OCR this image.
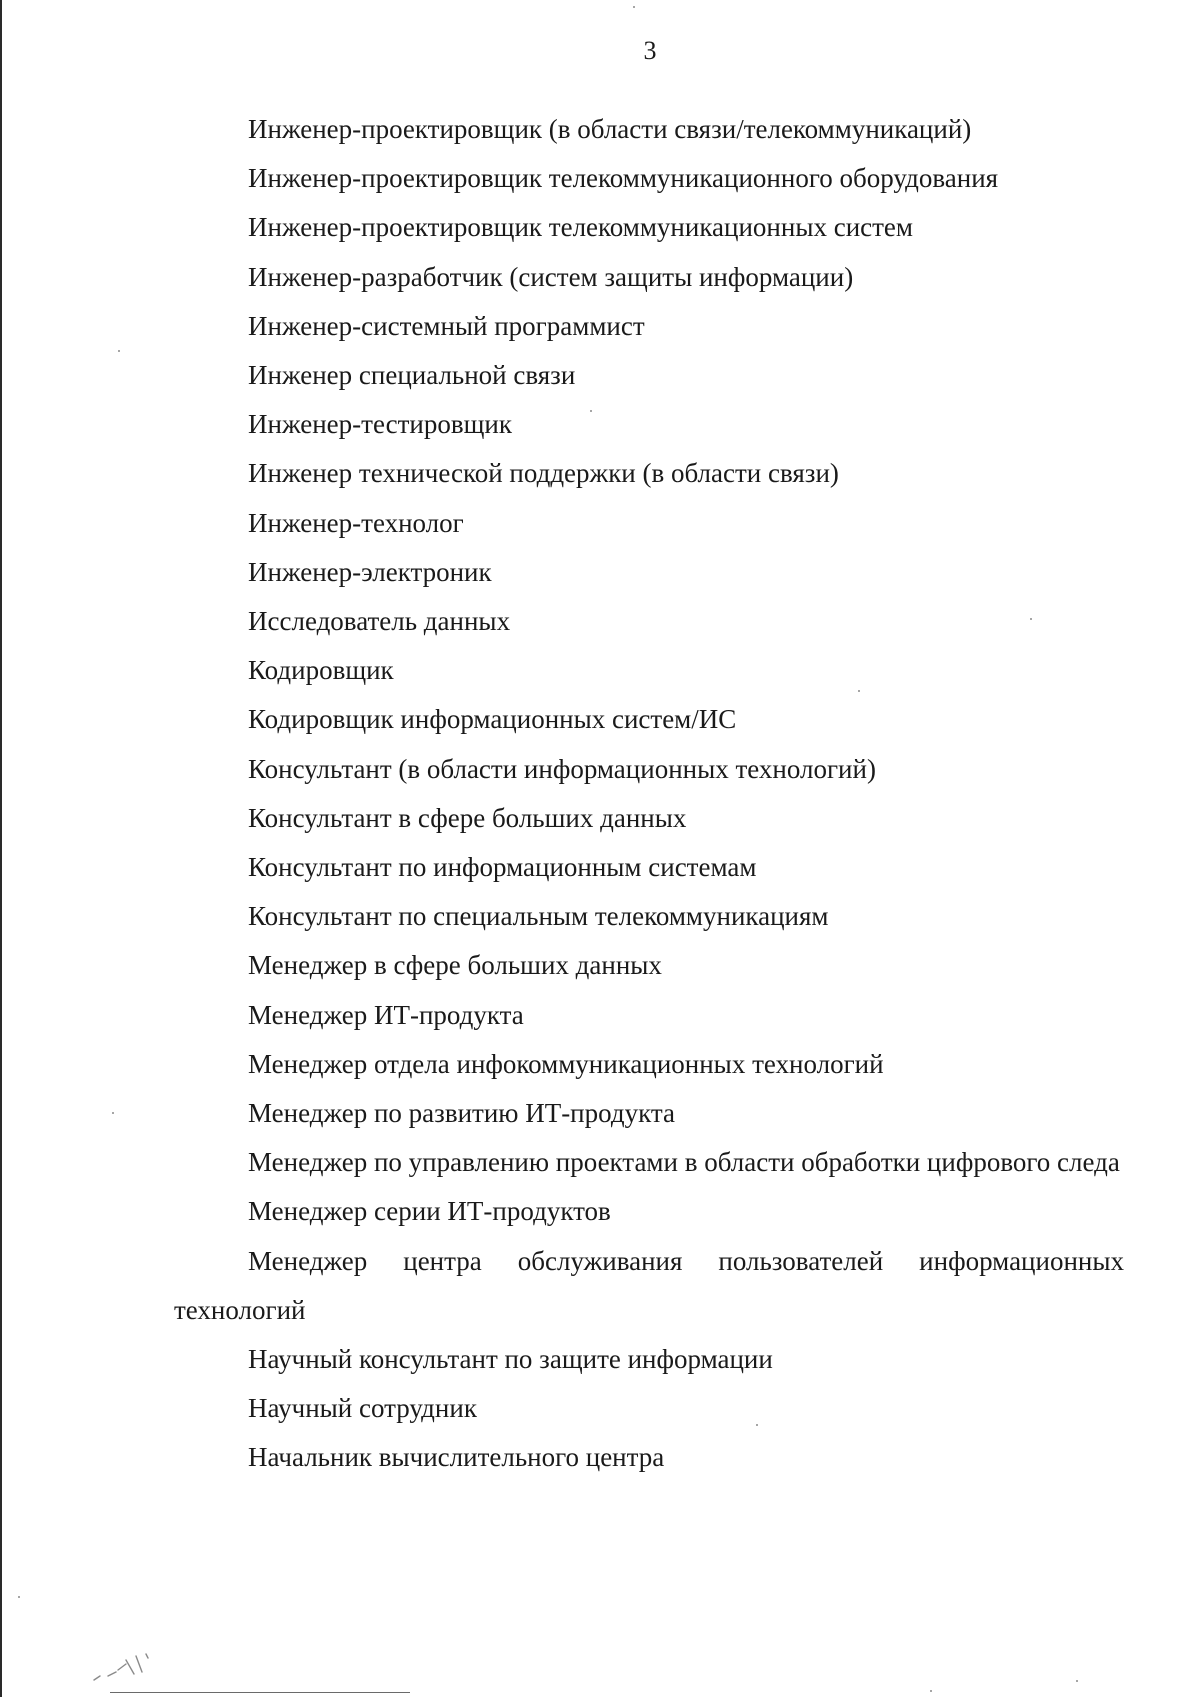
3
Инженер-проектировщик (в области связи/телекоммуникаций)
Инженер-проектировщик телекоммуникационного оборудования
Инженер-проектировщик телекоммуникационных систем
Инженер-разработчик (систем защиты информации)
Инженер-системный программист
Инженер специальной связи
Инженер-тестировщик
Инженер технической поддержки (в области связи)
Инженер-технолог
Инженер-электроник
Исследователь данных
Кодировщик
Кодировщик информационных систем/ИС
Консультант (в области информационных технологий)
Консультант в сфере больших данных
Консультант по информационным системам
Консультант по специальным телекоммуникациям
Менеджер в сфере больших данных
Менеджер ИТ-продукта
Менеджер отдела инфокоммуникационных технологий
Менеджер по развитию ИТ-продукта
Менеджер по управлению проектами в области обработки цифрового следа
Менеджер серии ИТ-продуктов
Менеджер центра обслуживания пользователей информационных технологий
Научный консультант по защите информации
Научный сотрудник
Начальник вычислительного центра
